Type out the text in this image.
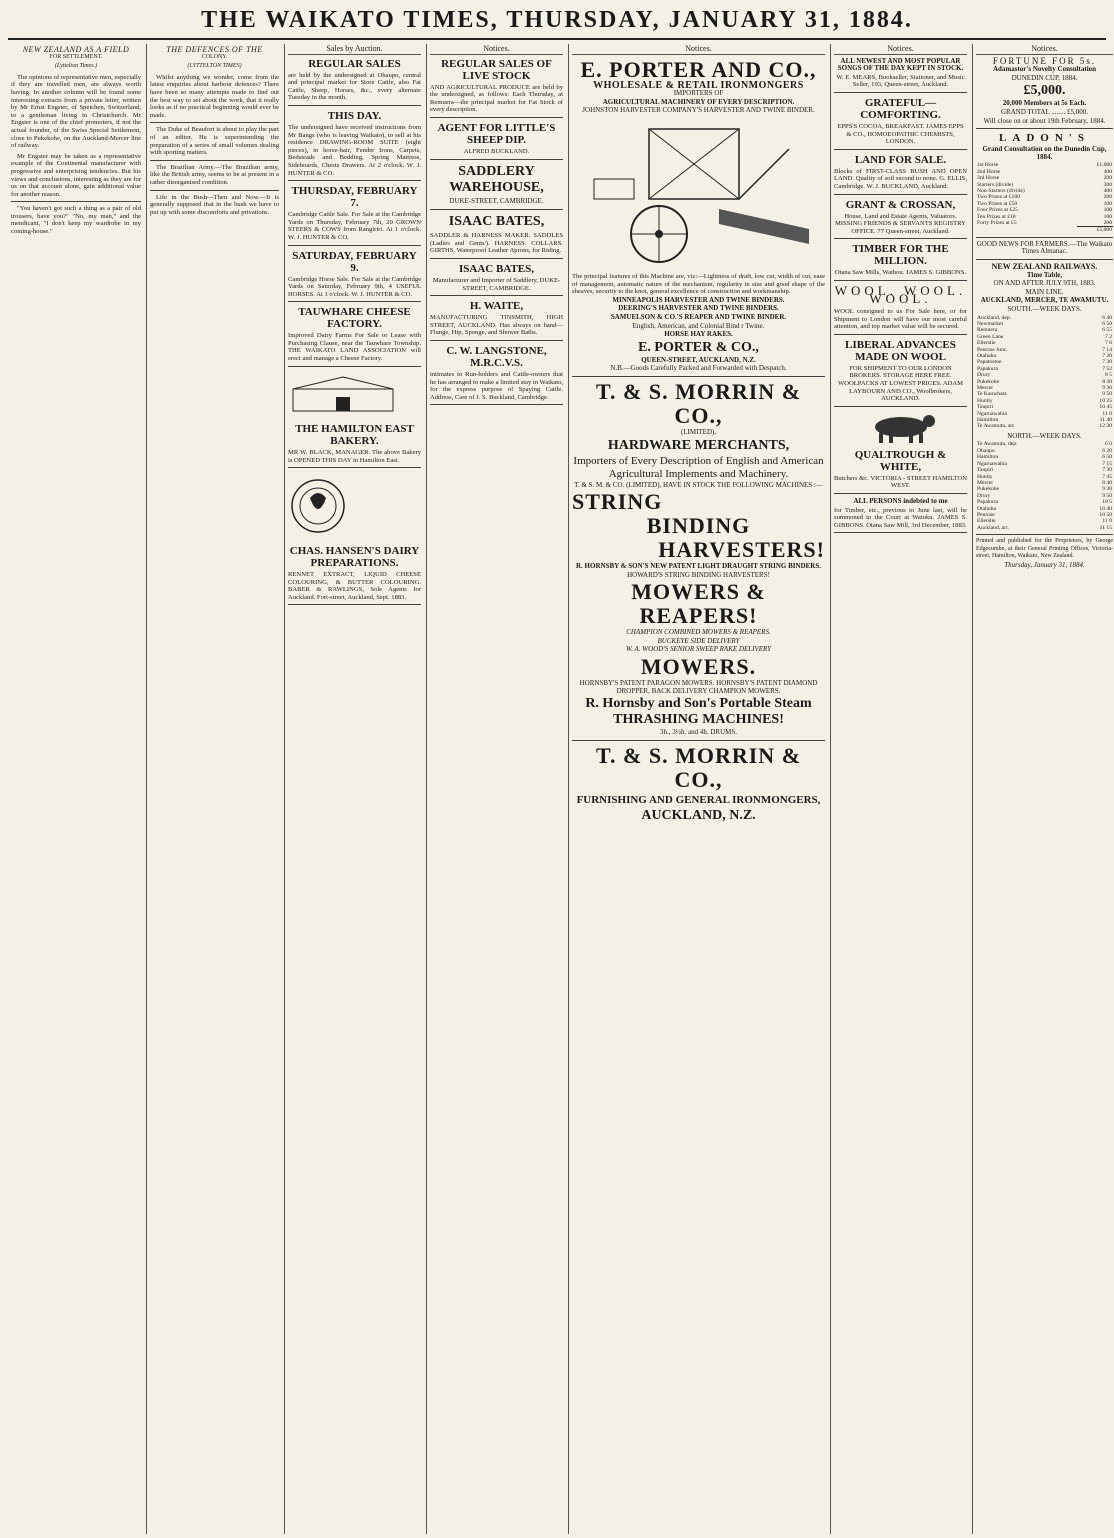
THE WAIKATO TIMES, THURSDAY, JANUARY 31, 1884.
NEW ZEALAND AS A FIELD
FOR SETTLEMENT.
(Lyttelton Times.)

The opinions of representative men, especially if they are travelled men, are always worth having. In another column will be found some interesting extracts from a private letter, written by Mr Ernst Engster, of Speichen, Switzerland, to a gentleman living in Christchurch. Mr Engster is one of the chief promoters, if not the actual founder, of the Swiss Special Settlement, close to Pukekohe, on the Auckland-Mercer line of railway.

Mr Engster may be taken as a representative example of the Continental manufacturer with progressive and enterprising tendencies. But his views and conclusions, interesting as they are for us on that account alone, gain additional value for another reason.

"You haven't got such a thing as a pair of old trousers, have you?" "No, my man," and the mendicant, "I don't keep my wardrobe in my coming-house."

THE DEFENCES OF THE
COLONY.
(LYTTELTON TIMES)

Whilst anything we wonder, come from the latest enquiries about harbour defences? There have been so many attempts made to find out the best way to set about the work, that it really looks as if no practical beginning would ever be made.

The Duke of Beaufort is about to play the part of an editor. He is superintending the preparation of a series of small volumes dealing with sporting matters.

The Brazilian Army.—The Brazilian army, like the British army, seems to be at present in a rather disorganised condition.

Life in the Bush—Then and Now.—It is generally supposed that in the bush we have to put up with some discomforts and privations.

Sales by Auction.
REGULAR SALES
are held by the undersigned at Ohaupo, central and principal market for Store Cattle, also Fat Cattle, Sheep, Horses, &c., every alternate Tuesday in the month.
THIS DAY.
The undersigned have received instructions from Mr Bangs (who is leaving Waikato), to sell at his residence DRAWING-ROOM SUITE (eight pieces), in horse-hair, Fender Irons, Carpets, Bedsteads and Bedding, Spring Mattress, Sideboards, Chests Drawers. At 2 o'clock. W. J. HUNTER & CO.
THURSDAY, FEBRUARY 7.
Cambridge Cattle Sale. For Sale at the Cambridge Yards on Thursday, February 7th, 20 GROWN STEERS & COWS from Rangiriri. At 1 o'clock. W. J. HUNTER & CO.
SATURDAY, FEBRUARY 9.
Cambridge Horse Sale. For Sale at the Cambridge Yards on Saturday, February 9th, 4 USEFUL HORSES. At 1 o'clock. W. J. HUNTER & CO.
TAUWHARE CHEESE FACTORY.
Improved Dairy Farms For Sale or Lease with Purchasing Clause, near the Tauwhare Township. THE WAIKATO LAND ASSOCIATION will erect and manage a Cheese Factory.
THE HAMILTON EAST BAKERY.
MR W. BLACK, MANAGER. The above Bakery is OPENED THIS DAY in Hamilton East.
CHAS. HANSEN'S DAIRY PREPARATIONS.
RENNET EXTRACT, LIQUID CHEESE COLOURING, & BUTTER COLOURING. BABER & RAWLINGS, Sole Agents for Auckland. Fort-street, Auckland, Sept. 1883.
Notices.
REGULAR SALES OF LIVE STOCK
AND AGRICULTURAL PRODUCE are held by the undersigned, as follows: Each Thursday, at Remuera—the principal market for Fat Stock of every description.
AGENT FOR LITTLE'S SHEEP DIP.
ALFRED BUCKLAND.
SADDLERY WAREHOUSE,
DUKE-STREET, CAMBRIDGE.
ISAAC BATES,
SADDLER & HARNESS MAKER. SADDLES (Ladies and Gents'). HARNESS. COLLARS. GIRTHS. Waterproof Leather Aprons, for Riding.
ISAAC BATES,
Manufacturer and Importer of Saddlery, DUKE-STREET, CAMBRIDGE.
H. WAITE,
MANUFACTURING TINSMITH, HIGH STREET, AUCKLAND. Has always on hand—Flunge, Hip, Sponge, and Shower Baths.
C. W. LANGSTONE, M.R.C.V.S.
intimates to Run-holders and Cattle-owners that he has arranged to make a limited stay in Waikato, for the express purpose of Spaying Cattle. Address, Care of J. S. Buckland, Cambridge.
Notices.
E. PORTER AND CO.,
WHOLESALE & RETAIL IRONMONGERS
IMPORTERS OF
AGRICULTURAL MACHINERY OF EVERY DESCRIPTION.
JOHNSTON HARVESTER COMPANY'S HARVESTER AND TWINE BINDER.
The principal features of this Machine are, viz:—Lightness of draft, low cut, width of cut, ease of management, automatic nature of the mechanism, regularity in size and good shape of the sheaves, security to the knot, general excellence of construction and workmanship.
MINNEAPOLIS HARVESTER AND TWINE BINDERS.
DEERING'S HARVESTER AND TWINE BINDERS.
SAMUELSON & CO.'S REAPER AND TWINE BINDER.
English, American, and Colonial Bind r Twine.
HORSE HAY RAKES.
E. PORTER & CO.,
QUEEN-STREET, AUCKLAND, N.Z.
N.B.—Goods Carefully Packed and Forwarded with Despatch.
T. & S. MORRIN & CO.,
(LIMITED),
HARDWARE MERCHANTS,
Importers of Every Description of English and American Agricultural Implements and Machinery.
T. & S. M. & CO. (LIMITED), HAVE IN STOCK THE FOLLOWING MACHINES :—
STRING
BINDING
HARVESTERS!
R. HORNSBY & SON'S NEW PATENT LIGHT DRAUGHT STRING BINDERS.
HOWARD'S STRING BINDING HARVESTERS!
MOWERS & REAPERS!
CHAMPION COMBINED MOWERS & REAPERS.
BUCKEYE SIDE DELIVERY
W. A. WOOD'S SENIOR SWEEP RAKE DELIVERY
MOWERS.
HORNSBY'S PATENT PARAGON MOWERS. HORNSBY'S PATENT DIAMOND DROPPER, BACK DELIVERY CHAMPION MOWERS.
R. Hornsby and Son's Portable Steam
THRASHING MACHINES!
3h., 3½h. and 4h. DRUMS.
T. & S. MORRIN & CO.,
FURNISHING AND GENERAL IRONMONGERS,
AUCKLAND, N.Z.
Notices.
ALL NEWEST AND MOST POPULAR SONGS OF THE DAY KEPT IN STOCK.
W. E. MEARS, Bookseller, Stationer, and Music Seller, 193, Queen-street, Auckland.
GRATEFUL—COMFORTING.
EPPS'S COCOA, BREAKFAST. JAMES EPPS & CO., HOMOEOPATHIC CHEMISTS, LONDON.
LAND FOR SALE.
Blocks of FIRST-CLASS BUSH AND OPEN LAND. Quality of soil second to none. G. ELLIS, Cambridge. W. J. BUCKLAND, Auckland.
GRANT & CROSSAN,
House, Land and Estate Agents, Valuators. MISSING FRIENDS & SERVANTS REGISTRY OFFICE. 77 Queen-street, Auckland.
TIMBER FOR THE MILLION.
Otana Saw Mills, Waihou. JAMES S. GIBBONS.
WOOL. WOOL. WOOL.
WOOL consigned to us For Sale here, or for Shipment to London will have our most careful attention, and top market value will be secured.
LIBERAL ADVANCES MADE ON WOOL
FOR SHIPMENT TO OUR LONDON BROKERS. STORAGE HERE FREE. WOOLPACKS AT LOWEST PRICES. ADAM LAYBOURN AND CO., Woolbrokers, AUCKLAND.
QUALTROUGH & WHITE,
Butchers &c. VICTORIA - STREET HAMILTON WEST.
ALL PERSONS indebted to me
for Timber, etc., previous to June last, will be summoned to the Court at Waiuku. JAMES S. GIBBONS. Otana Saw Mill, 3rd December, 1883.
Notices.
FORTUNE FOR 5s.
Adamastor's Novelty Consultation
DUNEDIN CUP, 1884.
£5,000.
20,000 Members at 5s Each.
GRAND TOTAL ........ £5,000.
Will close on or about 19th February, 1884.
LADON'S
Grand Consultation on the Dunedin Cup, 1884.
1st Horse	£1,000
2nd Horse	400
3rd Horse	200
Starters (divide)	300
Non-Starters (divide)	400
Two Prizes at £100	200
Two Prizes at £50	100
Four Prizes at £25	100
Ten Prizes at £10	100
Forty Prizes at £5	200
	£5,000
GOOD NEWS FOR FARMERS.—The Waikato Times Almanac.
NEW ZEALAND RAILWAYS.
Time Table,
ON AND AFTER JULY 9TH, 1883.
MAIN LINE.
AUCKLAND, MERCER, TE AWAMUTU.
SOUTH.—WEEK DAYS.
Auckland, dep.	6 40
Newmarket	6 50
Remuera	6 55
Green Lane	7 2
Ellerslie	7 6
Penrose Junc.	7 14
Otahuhu	7 20
Papatoetoe	7 30
Papakura	7 52
Drury	8 5
Pukekohe	8 30
Mercer	9 30
Te Kauwhata	9 50
Huntly	10 25
Taupiri	10 45
Ngaruawahia	11 0
Hamilton	11 40
Te Awamutu, arr.	12 30
NORTH.—WEEK DAYS.
Te Awamutu, dep.	6 0
Ohaupo	6 20
Hamilton	6 50
Ngaruawahia	7 15
Taupiri	7 30
Huntly	7 45
Mercer	8 40
Pukekohe	9 30
Drury	9 50
Papakura	10 5
Otahuhu	10 40
Penrose	10 50
Ellerslie	11 0
Auckland, arr.	11 15
Printed and published for the Proprietors, by George Edgecumbe, at their General Printing Offices, Victoria-street, Hamilton, Waikato, New Zealand.
Thursday, January 31, 1884.
